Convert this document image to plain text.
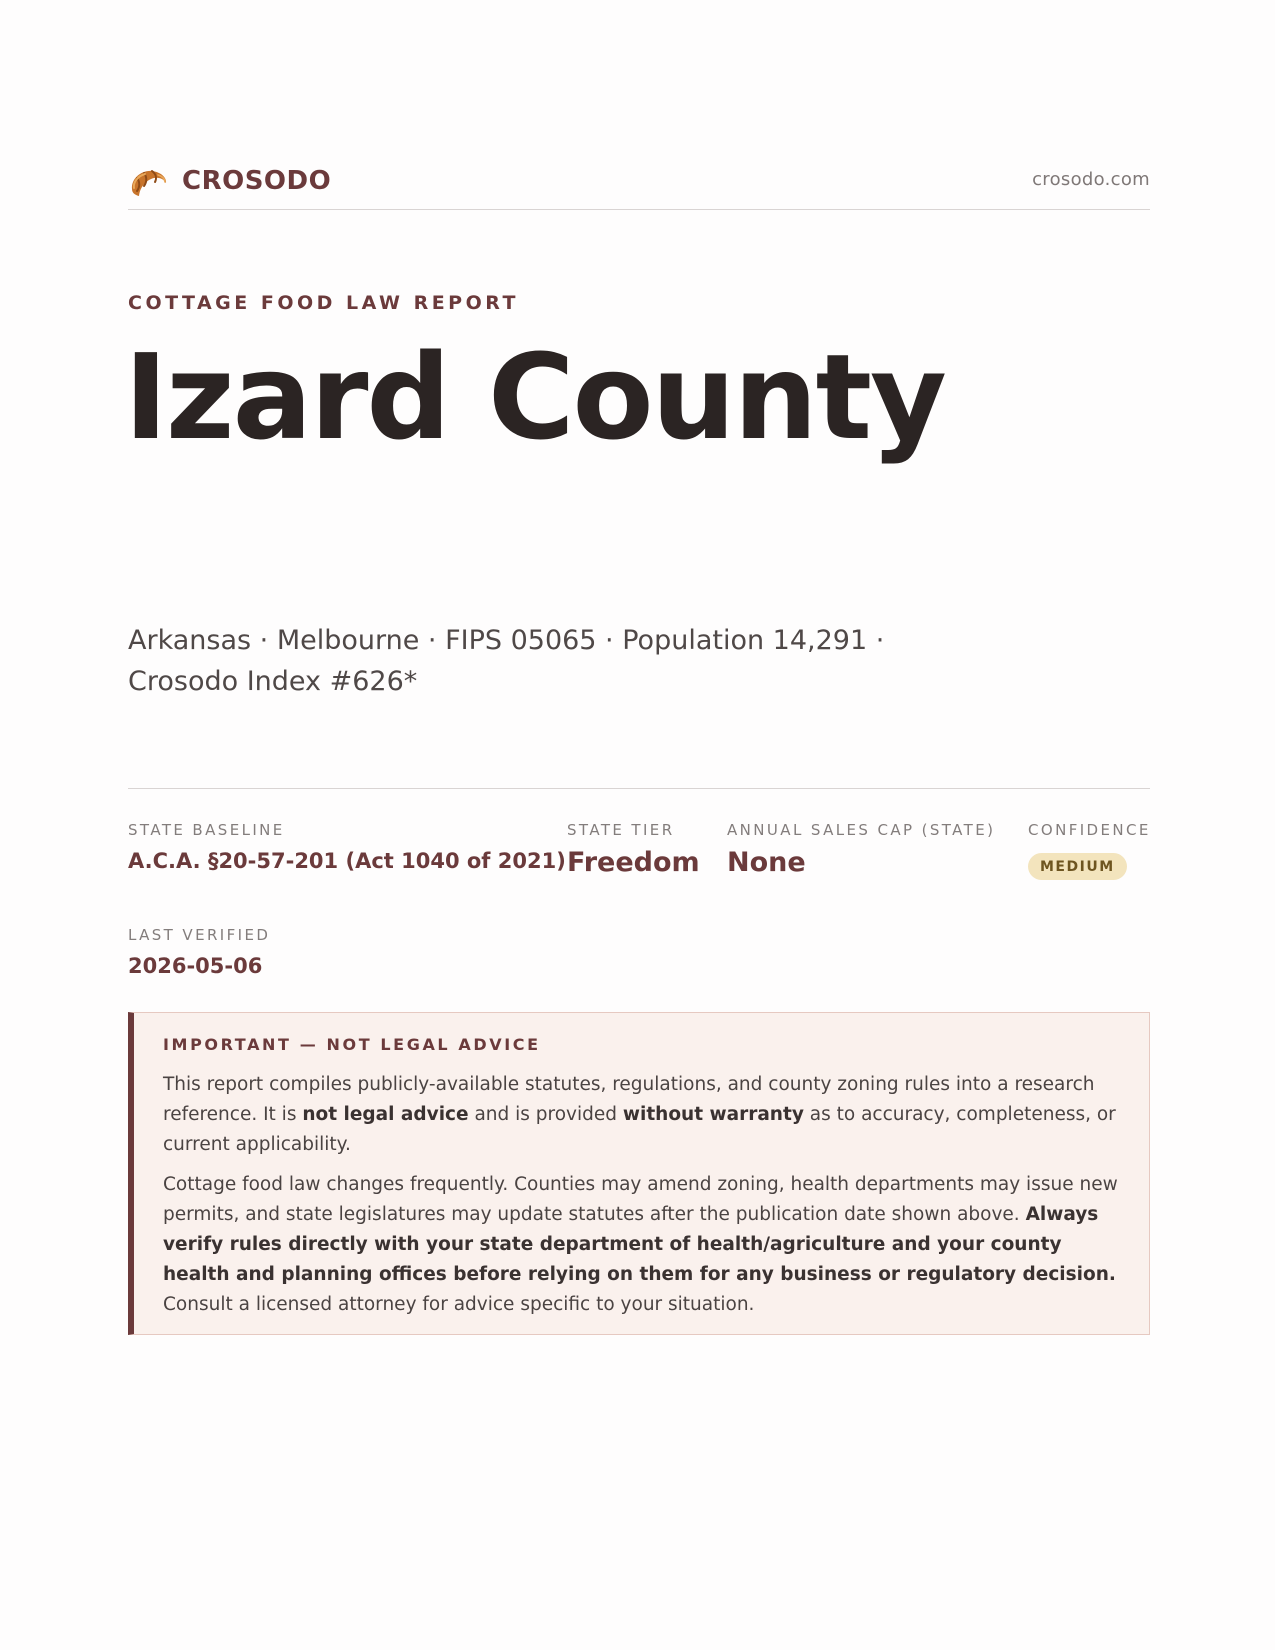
CROSODO	crosodo.com
COTTAGE FOOD LAW REPORT
Izard County
Arkansas · Melbourne · FIPS 05065 · Population 14,291 ·
Crosodo Index #626*
STATE BASELINE
A.C.A. §20-57-201 (Act 1040 of 2021)
STATE TIER
Freedom
ANNUAL SALES CAP (STATE)
None
CONFIDENCE
MEDIUM
LAST VERIFIED
2026-05-06
IMPORTANT — NOT LEGAL ADVICE

This report compiles publicly-available statutes, regulations, and county zoning rules into a research reference. It is not legal advice and is provided without warranty as to accuracy, completeness, or current applicability.

Cottage food law changes frequently. Counties may amend zoning, health departments may issue new permits, and state legislatures may update statutes after the publication date shown above. Always verify rules directly with your state department of health/agriculture and your county health and planning offices before relying on them for any business or regulatory decision. Consult a licensed attorney for advice specific to your situation.
